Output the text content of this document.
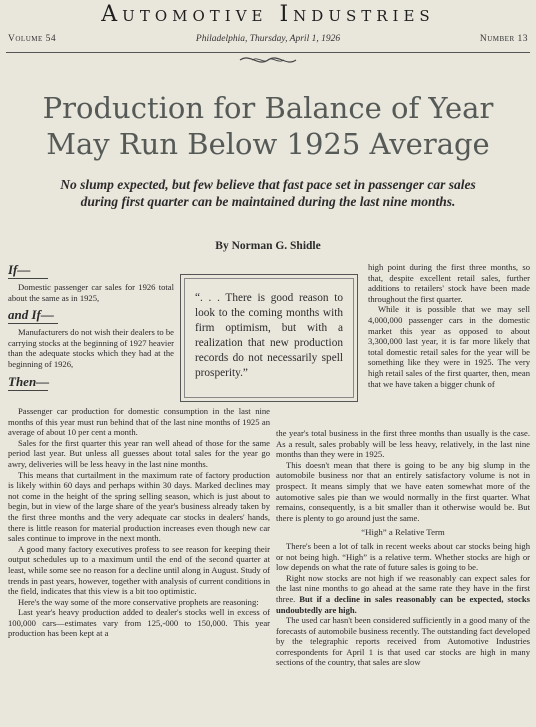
Automotive Industries
Volume 54	Philadelphia, Thursday, April 1, 1926	Number 13
Production for Balance of Year May Run Below 1925 Average
No slump expected, but few believe that fast pace set in passenger car sales during first quarter can be maintained during the last nine months.
By Norman G. Shidle
If—

Domestic passenger car sales for 1926 total about the same as in 1925,

and If—

Manufacturers do not wish their dealers to be carrying stocks at the beginning of 1927 heavier than the adequate stocks which they had at the beginning of 1926,

Then—

Passenger car production for domestic consumption in the last nine months of this year must run behind that of the last nine months of 1925 an average of about 10 per cent a month.

Sales for the first quarter this year ran well ahead of those for the same period last year. But unless all guesses about total sales for the year go awry, deliveries will be less heavy in the last nine months.

This means that curtailment in the maximum rate of factory production is likely within 60 days and perhaps within 30 days. Marked declines may not come in the height of the spring selling season, which is just about to begin, but in view of the large share of the year's business already taken by the first three months and the very adequate car stocks in dealers' hands, there is little reason for material production increases even though new car sales continue to improve in the next month.

A good many factory executives profess to see reason for keeping their output schedules up to a maximum until the end of the second quarter at least, while some see no reason for a decline until along in August. Study of trends in past years, however, together with analysis of current conditions in the field, indicates that this view is a bit too optimistic.

Here's the way some of the more conservative prophets are reasoning:

Last year's heavy production added to dealer's stocks well in excess of 100,000 cars—estimates vary from 125,-000 to 150,000. This year production has been kept at a

“. . . There is good reason to look to the coming months with firm optimism, but with a realization that new production records do not necessarily spell prosperity.”

high point during the first three months, so that, despite excellent retail sales, further additions to retailers' stock have been made throughout the first quarter.

While it is possible that we may sell 4,000,000 passenger cars in the domestic market this year as opposed to about 3,300,000 last year, it is far more likely that total domestic retail sales for the year will be something like they were in 1925. The very high retail sales of the first quarter, then, mean that we have taken a bigger chunk of

the year's total business in the first three months than usually is the case. As a result, sales probably will be less heavy, relatively, in the last nine months than they were in 1925.

This doesn't mean that there is going to be any big slump in the automobile business nor that an entirely satisfactory volume is not in prospect. It means simply that we have eaten somewhat more of the automotive sales pie than we would normally in the first quarter. What remains, consequently, is a bit smaller than it otherwise would be. But there is plenty to go around just the same.

“High” a Relative Term

There's been a lot of talk in recent weeks about car stocks being high or not being high. “High” is a relative term. Whether stocks are high or low depends on what the rate of future sales is going to be.

Right now stocks are not high if we reasonably can expect sales for the last nine months to go ahead at the same rate they have in the first three. But if a decline in sales reasonably can be expected, stocks undoubtedly are high.

The used car hasn't been considered sufficiently in a good many of the forecasts of automobile business recently. The outstanding fact developed by the telegraphic reports received from Automotive Industries correspondents for April 1 is that used car stocks are high in many sections of the country, that sales are slow
